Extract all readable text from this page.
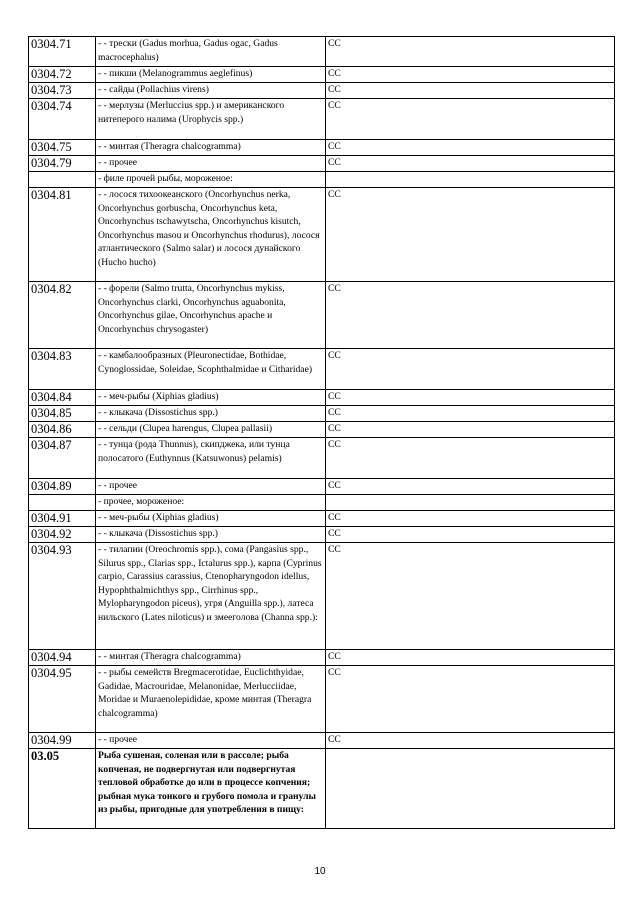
0304.71	- - трески (Gadus morhua, Gadus ogac, Gadus macrocephalus)	СС
0304.72	- - пикши (Melanogrammus aeglefinus)	СС
0304.73	- - сайды (Pollachius virens)	СС
0304.74	- - мерлузы (Merluccius spp.) и американского нитеперого налима (Urophycis spp.)	СС
0304.75	- - минтая (Theragra chalcogramma)	СС
0304.79	- - прочее	СС
	- филе прочей рыбы, мороженое:	
0304.81	- - лосося тихоокеанского (Oncorhynchus nerka, Oncorhynchus gorbuscha, Oncorhynchus keta, Oncorhynchus tschawytscha, Oncorhynchus kisutch, Oncorhynchus masou и Oncorhynchus rhodurus), лосося атлантического (Salmo salar) и лосося дунайского (Hucho hucho)	СС
0304.82	- - форели (Salmo trutta, Oncorhynchus mykiss, Oncorhynchus clarki, Oncorhynchus aguabonita, Oncorhynchus gilae, Oncorhynchus apache и Oncorhynchus chrysogaster)	СС
0304.83	- - камбалообразных (Pleuronectidae, Bothidae, Cynoglossidae, Soleidae, Scophthalmidae и Citharidae)	СС
0304.84	- - меч-рыбы (Xiphias gladius)	СС
0304.85	- - клыкача (Dissostichus spp.)	СС
0304.86	- - сельди (Clupea harengus, Clupea pallasii)	СС
0304.87	- - тунца (рода Thunnus), скипджека, или тунца полосатого (Euthynnus (Katsuwonus) pelamis)	СС
0304.89	- - прочее	СС
	- прочее, мороженое:	
0304.91	- - меч-рыбы (Xiphias gladius)	СС
0304.92	- - клыкача (Dissostichus spp.)	СС
0304.93	- - тилапии (Oreochromis spp.), сома (Pangasius spp., Silurus spp., Clarias spp., Ictalurus spp.), карпа (Cyprinus carpio, Carassius carassius, Ctenopharyngodon idellus, Hypophthalmichthys spp., Cirrhinus spp., Mylopharyngodon piceus), угря (Anguilla spp.), латеса нильского (Lates niloticus) и змееголова (Channa spp.):	СС
0304.94	- - минтая (Theragra chalcogramma)	СС
0304.95	- - рыбы семейств Bregmacerotidae, Euclichthyidae, Gadidae, Macrouridae, Melanonidae, Merlucciidae, Moridae и Muraenolepididae, кроме минтая (Theragra chalcogramma)	СС
0304.99	- - прочее	СС
03.05	Рыба сушеная, соленая или в рассоле; рыба копченая, не подвергнутая или подвергнутая тепловой обработке до или в процессе копчения; рыбная мука тонкого и грубого помола и гранулы из рыбы, пригодные для употребления в пищу:	
10
